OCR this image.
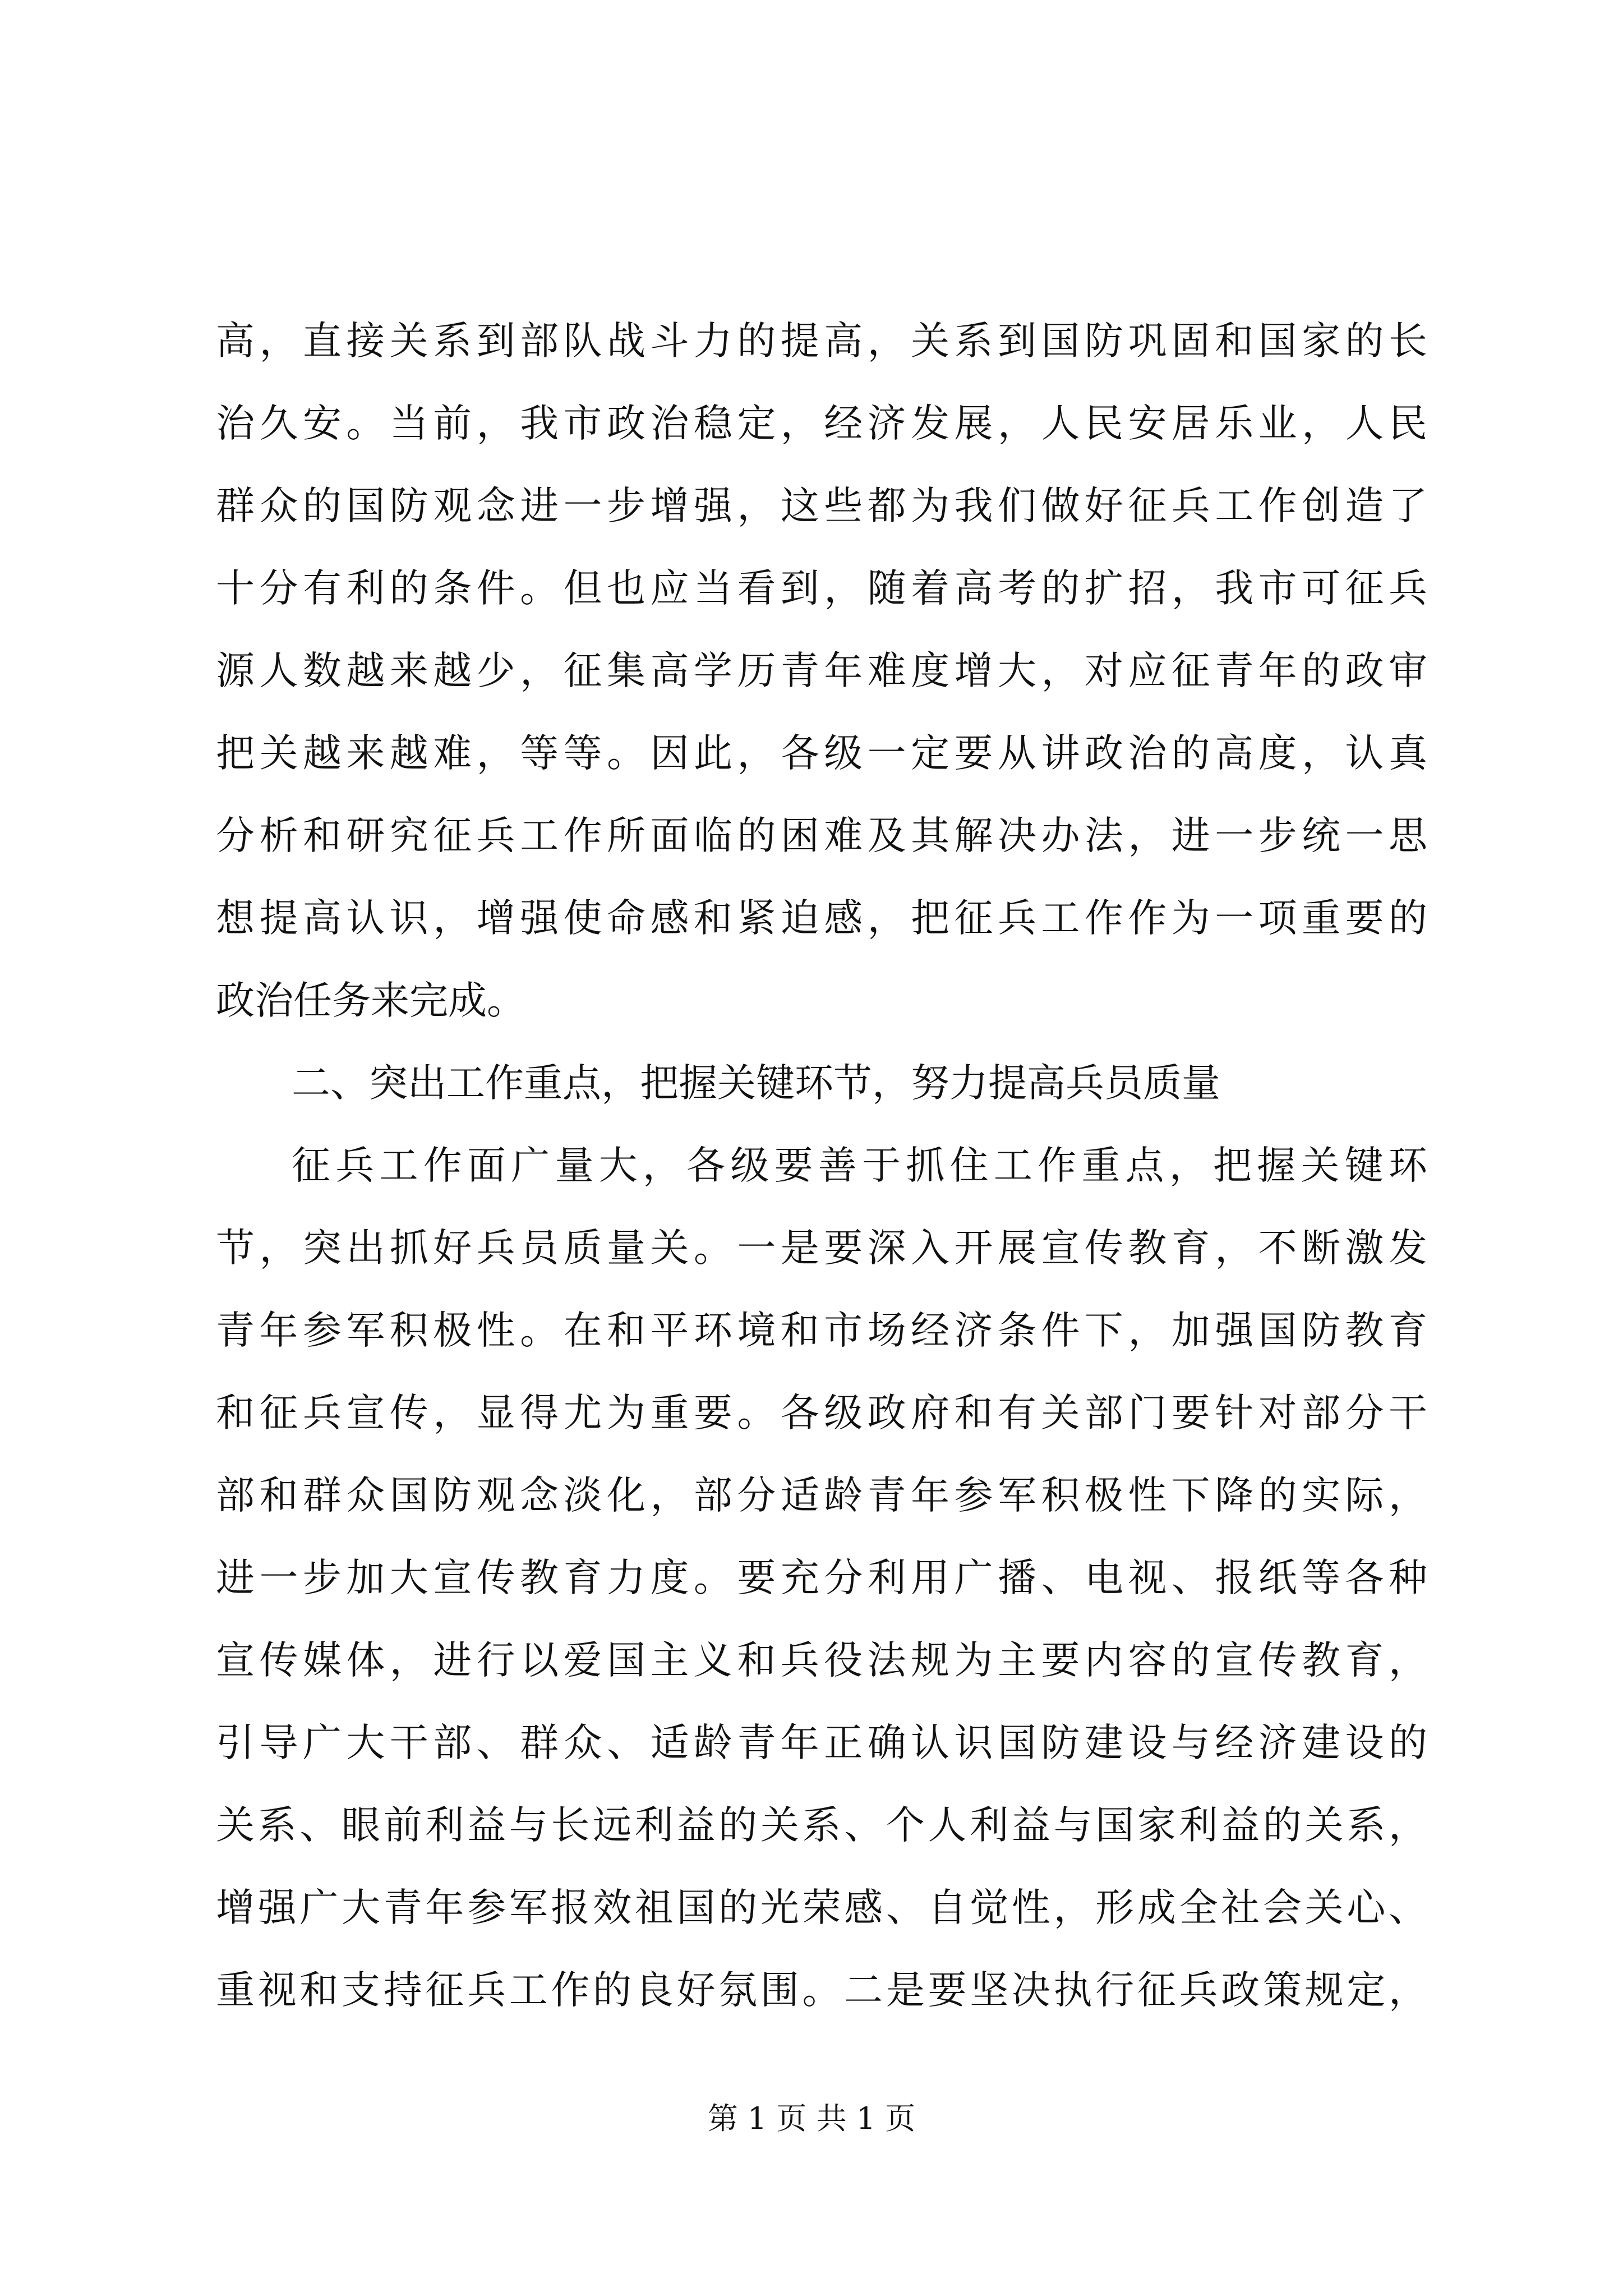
高，直接关系到部队战斗力的提高，关系到国防巩固和国家的长
治久安。当前，我市政治稳定，经济发展，人民安居乐业，人民
群众的国防观念进一步增强，这些都为我们做好征兵工作创造了
十分有利的条件。但也应当看到，随着高考的扩招，我市可征兵
源人数越来越少，征集高学历青年难度增大，对应征青年的政审
把关越来越难，等等。因此，各级一定要从讲政治的高度，认真
分析和研究征兵工作所面临的困难及其解决办法，进一步统一思
想提高认识，增强使命感和紧迫感，把征兵工作作为一项重要的
政治任务来完成。
二、突出工作重点，把握关键环节，努力提高兵员质量
征兵工作面广量大，各级要善于抓住工作重点，把握关键环
节，突出抓好兵员质量关。一是要深入开展宣传教育，不断激发
青年参军积极性。在和平环境和市场经济条件下，加强国防教育
和征兵宣传，显得尤为重要。各级政府和有关部门要针对部分干
部和群众国防观念淡化，部分适龄青年参军积极性下降的实际，
进一步加大宣传教育力度。要充分利用广播、电视、报纸等各种
宣传媒体，进行以爱国主义和兵役法规为主要内容的宣传教育，
引导广大干部、群众、适龄青年正确认识国防建设与经济建设的
关系、眼前利益与长远利益的关系、个人利益与国家利益的关系，
增强广大青年参军报效祖国的光荣感、自觉性，形成全社会关心、
重视和支持征兵工作的良好氛围。二是要坚决执行征兵政策规定，
第 1 页 共 1 页
